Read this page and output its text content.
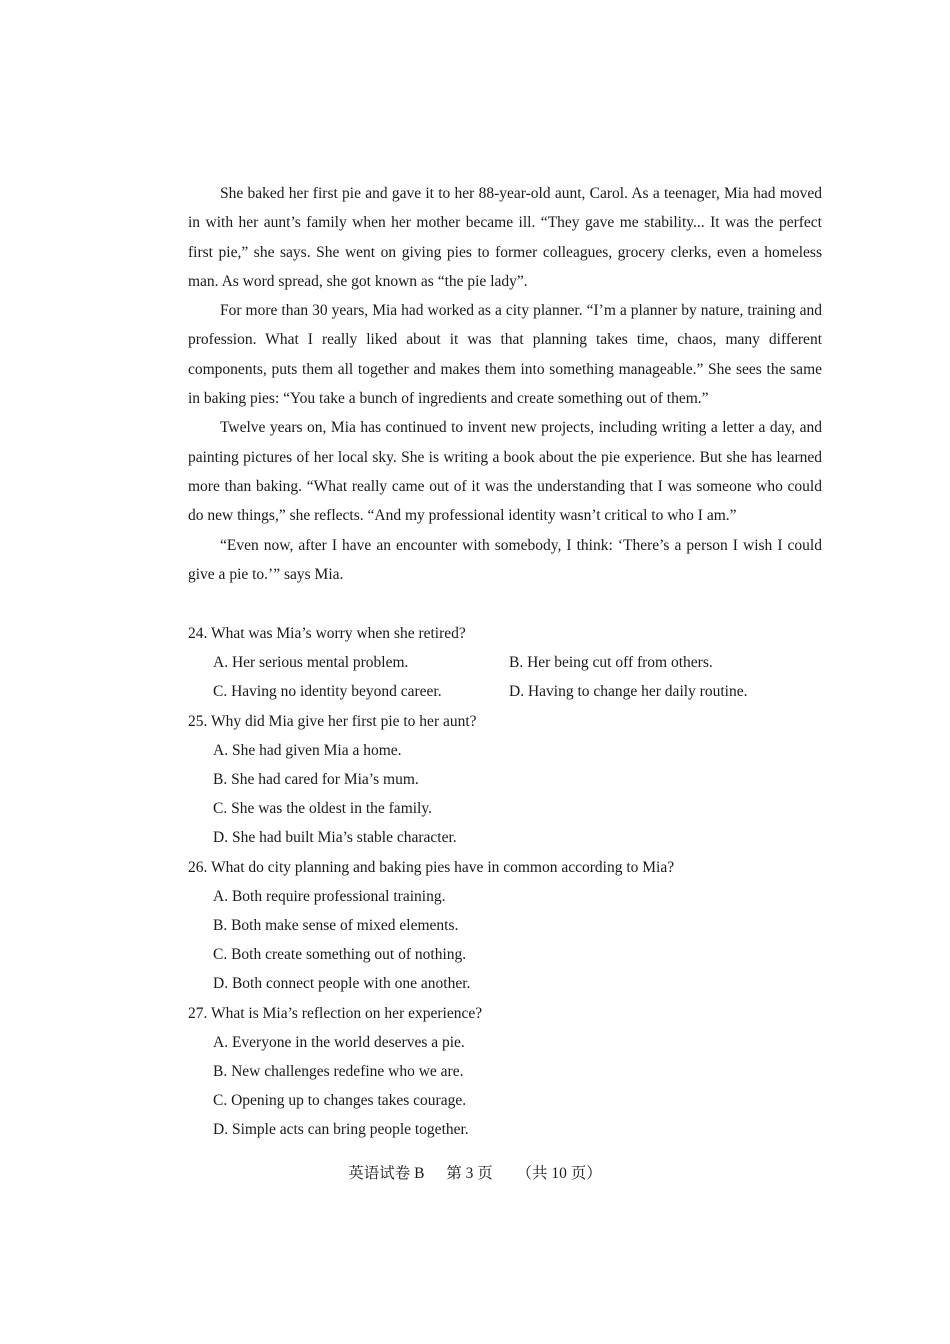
She baked her first pie and gave it to her 88-year-old aunt, Carol. As a teenager, Mia had moved in with her aunt’s family when her mother became ill. “They gave me stability... It was the perfect first pie,” she says. She went on giving pies to former colleagues, grocery clerks, even a homeless man. As word spread, she got known as “the pie lady”.

For more than 30 years, Mia had worked as a city planner. “I’m a planner by nature, training and profession. What I really liked about it was that planning takes time, chaos, many different components, puts them all together and makes them into something manageable.” She sees the same in baking pies: “You take a bunch of ingredients and create something out of them.”

Twelve years on, Mia has continued to invent new projects, including writing a letter a day, and painting pictures of her local sky. She is writing a book about the pie experience. But she has learned more than baking. “What really came out of it was the understanding that I was someone who could do new things,” she reflects. “And my professional identity wasn’t critical to who I am.”

“Even now, after I have an encounter with somebody, I think: ‘There’s a person I wish I could give a pie to.’” says Mia.

24. What was Mia’s worry when she retired?

A. Her serious mental problem.	B. Her being cut off from others.

C. Having no identity beyond career.	D. Having to change her daily routine.

25. Why did Mia give her first pie to her aunt?

A. She had given Mia a home.

B. She had cared for Mia’s mum.

C. She was the oldest in the family.

D. She had built Mia’s stable character.

26. What do city planning and baking pies have in common according to Mia?

A. Both require professional training.

B. Both make sense of mixed elements.

C. Both create something out of nothing.

D. Both connect people with one another.

27. What is Mia’s reflection on her experience?

A. Everyone in the world deserves a pie.

B. New challenges redefine who we are.

C. Opening up to changes takes courage.

D. Simple acts can bring people together.

英语试卷 B 第 3 页 （共 10 页）
